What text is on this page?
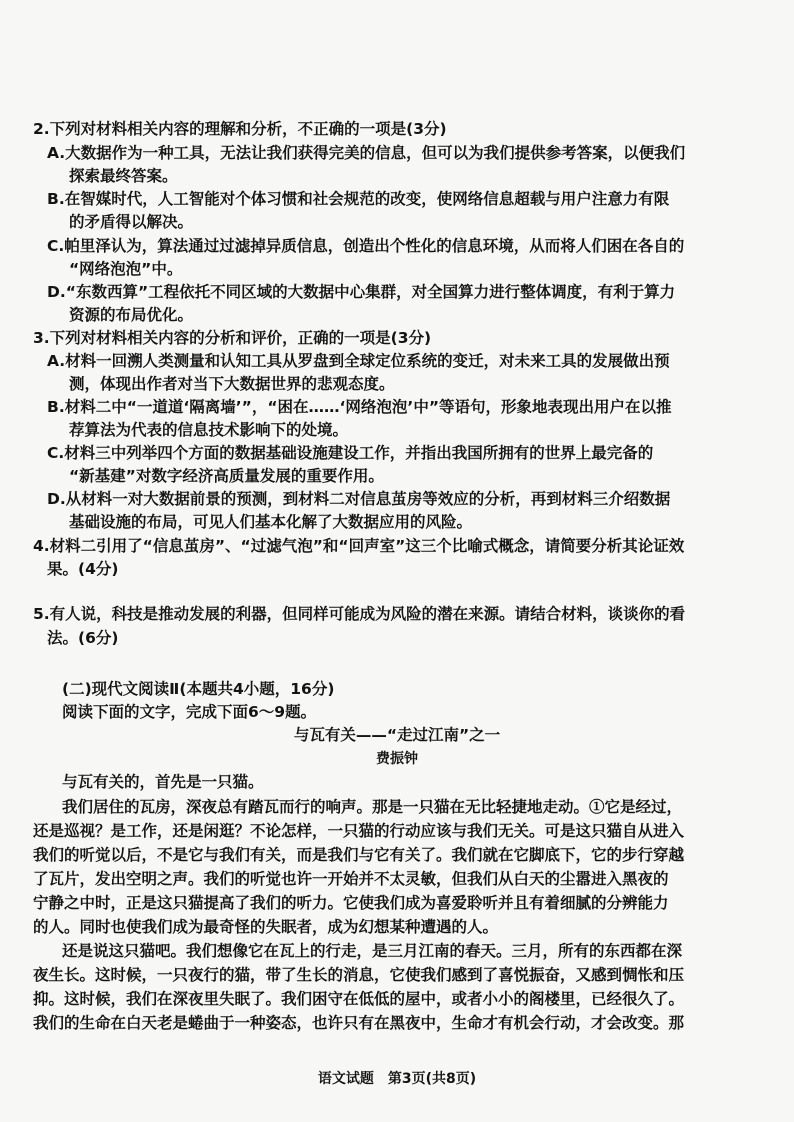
2.下列对材料相关内容的理解和分析，不正确的一项是(3分)
A.大数据作为一种工具，无法让我们获得完美的信息，但可以为我们提供参考答案，以便我们
探索最终答案。
B.在智媒时代，人工智能对个体习惯和社会规范的改变，使网络信息超载与用户注意力有限
的矛盾得以解决。
C.帕里泽认为，算法通过过滤掉异质信息，创造出个性化的信息环境，从而将人们困在各自的
“网络泡泡”中。
D.“东数西算”工程依托不同区域的大数据中心集群，对全国算力进行整体调度，有利于算力
资源的布局优化。
3.下列对材料相关内容的分析和评价，正确的一项是(3分)
A.材料一回溯人类测量和认知工具从罗盘到全球定位系统的变迁，对未来工具的发展做出预
测，体现出作者对当下大数据世界的悲观态度。
B.材料二中“一道道‘隔离墙’”，“困在……‘网络泡泡’中”等语句，形象地表现出用户在以推
荐算法为代表的信息技术影响下的处境。
C.材料三中列举四个方面的数据基础设施建设工作，并指出我国所拥有的世界上最完备的
“新基建”对数字经济高质量发展的重要作用。
D.从材料一对大数据前景的预测，到材料二对信息茧房等效应的分析，再到材料三介绍数据
基础设施的布局，可见人们基本化解了大数据应用的风险。
4.材料二引用了“信息茧房”、“过滤气泡”和“回声室”这三个比喻式概念，请简要分析其论证效
果。(4分)
5.有人说，科技是推动发展的利器，但同样可能成为风险的潜在来源。请结合材料，谈谈你的看
法。(6分)
(二)现代文阅读Ⅱ(本题共4小题，16分)
阅读下面的文字，完成下面6～9题。
与瓦有关——“走过江南”之一
费振钟
与瓦有关的，首先是一只猫。
我们居住的瓦房，深夜总有踏瓦而行的响声。那是一只猫在无比轻捷地走动。①它是经过，
还是巡视？是工作，还是闲逛？不论怎样，一只猫的行动应该与我们无关。可是这只猫自从进入
我们的听觉以后，不是它与我们有关，而是我们与它有关了。我们就在它脚底下，它的步行穿越
了瓦片，发出空明之声。我们的听觉也许一开始并不太灵敏，但我们从白天的尘嚣进入黑夜的
宁静之中时，正是这只猫提高了我们的听力。它使我们成为喜爱聆听并且有着细腻的分辨能力
的人。同时也使我们成为最奇怪的失眠者，成为幻想某种遭遇的人。
还是说这只猫吧。我们想像它在瓦上的行走，是三月江南的春天。三月，所有的东西都在深
夜生长。这时候，一只夜行的猫，带了生长的消息，它使我们感到了喜悦振奋，又感到惆怅和压
抑。这时候，我们在深夜里失眠了。我们困守在低低的屋中，或者小小的阁楼里，已经很久了。
我们的生命在白天老是蜷曲于一种姿态，也许只有在黑夜中，生命才有机会行动，才会改变。那
语文试题　第3页(共8页)
